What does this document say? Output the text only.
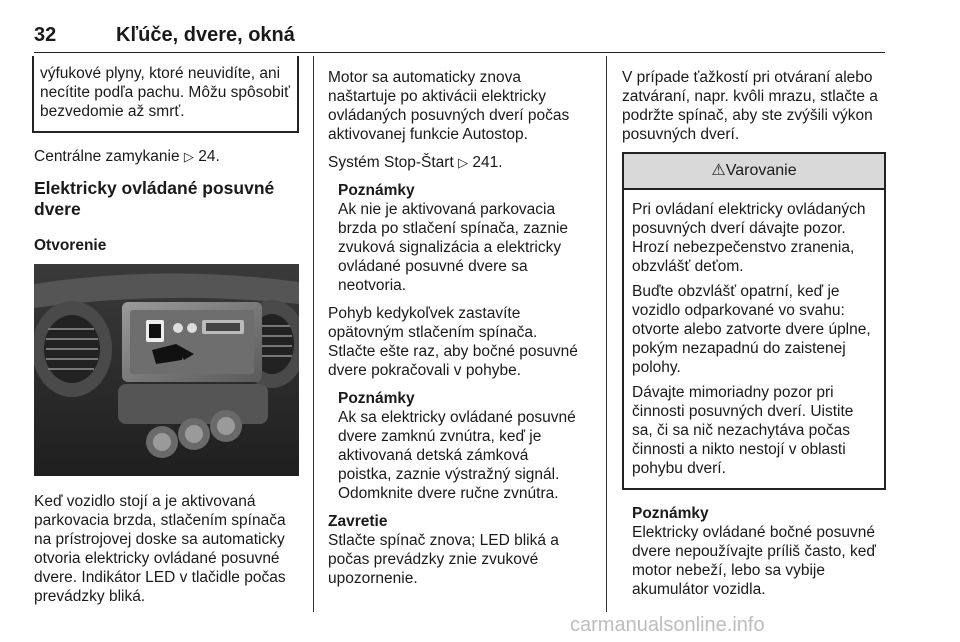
32	Kľúče, dvere, okná

výfukové plyny, ktoré neuvidíte, ani necítite podľa pachu. Môžu spôsobiť bezvedomie až smrť.

Centrálne zamykanie ▷ 24.

Elektricky ovládané posuvné dvere

Otvorenie

Keď vozidlo stojí a je aktivovaná parkovacia brzda, stlačením spínača na prístrojovej doske sa automaticky otvoria elektricky ovládané posuvné dvere. Indikátor LED v tlačidle počas prevádzky bliká.

Motor sa automaticky znova naštartuje po aktivácii elektricky ovládaných posuvných dverí počas aktivovanej funkcie Autostop.

Systém Stop-Štart ▷ 241.

Poznámky

Ak nie je aktivovaná parkovacia brzda po stlačení spínača, zaznie zvuková signalizácia a elektricky ovládané posuvné dvere sa neotvoria.

Pohyb kedykoľvek zastavíte opätovným stlačením spínača. Stlačte ešte raz, aby bočné posuvné dvere pokračovali v pohybe.

Poznámky

Ak sa elektricky ovládané posuvné dvere zamknú zvnútra, keď je aktivovaná detská zámková poistka, zaznie výstražný signál. Odomknite dvere ručne zvnútra.

Zavretie

Stlačte spínač znova; LED bliká a počas prevádzky znie zvukové upozornenie.

V prípade ťažkostí pri otváraní alebo zatváraní, napr. kvôli mrazu, stlačte a podržte spínač, aby ste zvýšili výkon posuvných dverí.

⚠Varovanie

Pri ovládaní elektricky ovládaných posuvných dverí dávajte pozor. Hrozí nebezpečenstvo zranenia, obzvlášť deťom.

Buďte obzvlášť opatrní, keď je vozidlo odparkované vo svahu: otvorte alebo zatvorte dvere úplne, pokým nezapadnú do zaistenej polohy.

Dávajte mimoriadny pozor pri činnosti posuvných dverí. Uistite sa, či sa nič nezachytáva počas činnosti a nikto nestojí v oblasti pohybu dverí.

Poznámky

Elektricky ovládané bočné posuvné dvere nepoužívajte príliš často, keď motor nebeží, lebo sa vybije akumulátor vozidla.

carmanualsonline.info
